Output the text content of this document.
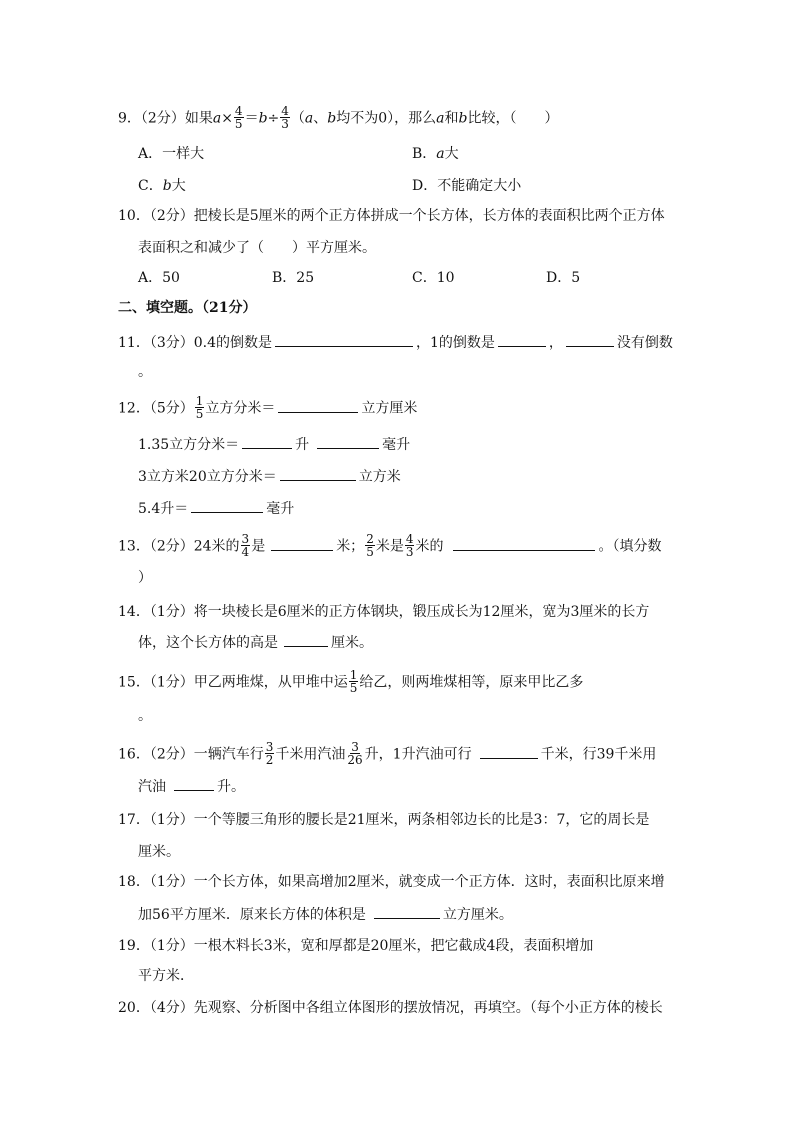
9．（2分）如果$a\times \frac{4}{5} =b\div \frac{4}{3} (a$、b均不为0），那么a和b比较，（　　）
A．一样大	B．a大
C．b大	D．不能确定大小
10．（2分）把棱长是5厘米的两个正方体拼成一个长方体，长方体的表面积比两个正方体
表面积之和减少了（　　）平方厘米。
A．50	B．25	C．10	D．5
二、填空题。（21分）
11．（3分）0.4的倒数是	，1的倒数是	，	没有倒数
。
12．（5分） $\frac{1}{5}$ 立方分米＝	立方厘米
1.35立方分米＝	升	毫升
3立方米20立方分米＝	立方米
5.4升＝	毫升
13．（2分）24米的 $\frac{3}{4}$ 是	米； $\frac{2}{5}$ 米是 $\frac{4}{3}$ 米的	。（填分数
）
14．（1分）将一块棱长是6厘米的正方体钢块，锻压成长为12厘米，宽为3厘米的长方
体，这个长方体的高是	厘米。
15．（1分）甲乙两堆煤，从甲堆中运 $\frac{1}{5}$ 给乙，则两堆煤相等，原来甲比乙多
。
16．（2分）一辆汽车行 $\frac{3}{2}$ 千米用汽油 $\frac{3}{26}$ 升，1升汽油可行	千米，行39千米用
汽油	升。
17．（1分）一个等腰三角形的腰长是21厘米，两条相邻边长的比是3：7，它的周长是
厘米。
18．（1分）一个长方体，如果高增加2厘米，就变成一个正方体．这时，表面积比原来增
加56平方厘米．原来长方体的体积是	立方厘米。
19．（1分）一根木料长3米，宽和厚都是20厘米，把它截成4段，表面积增加
平方米．
20．（4分）先观察、分析图中各组立体图形的摆放情况，再填空。（每个小正方体的棱长
